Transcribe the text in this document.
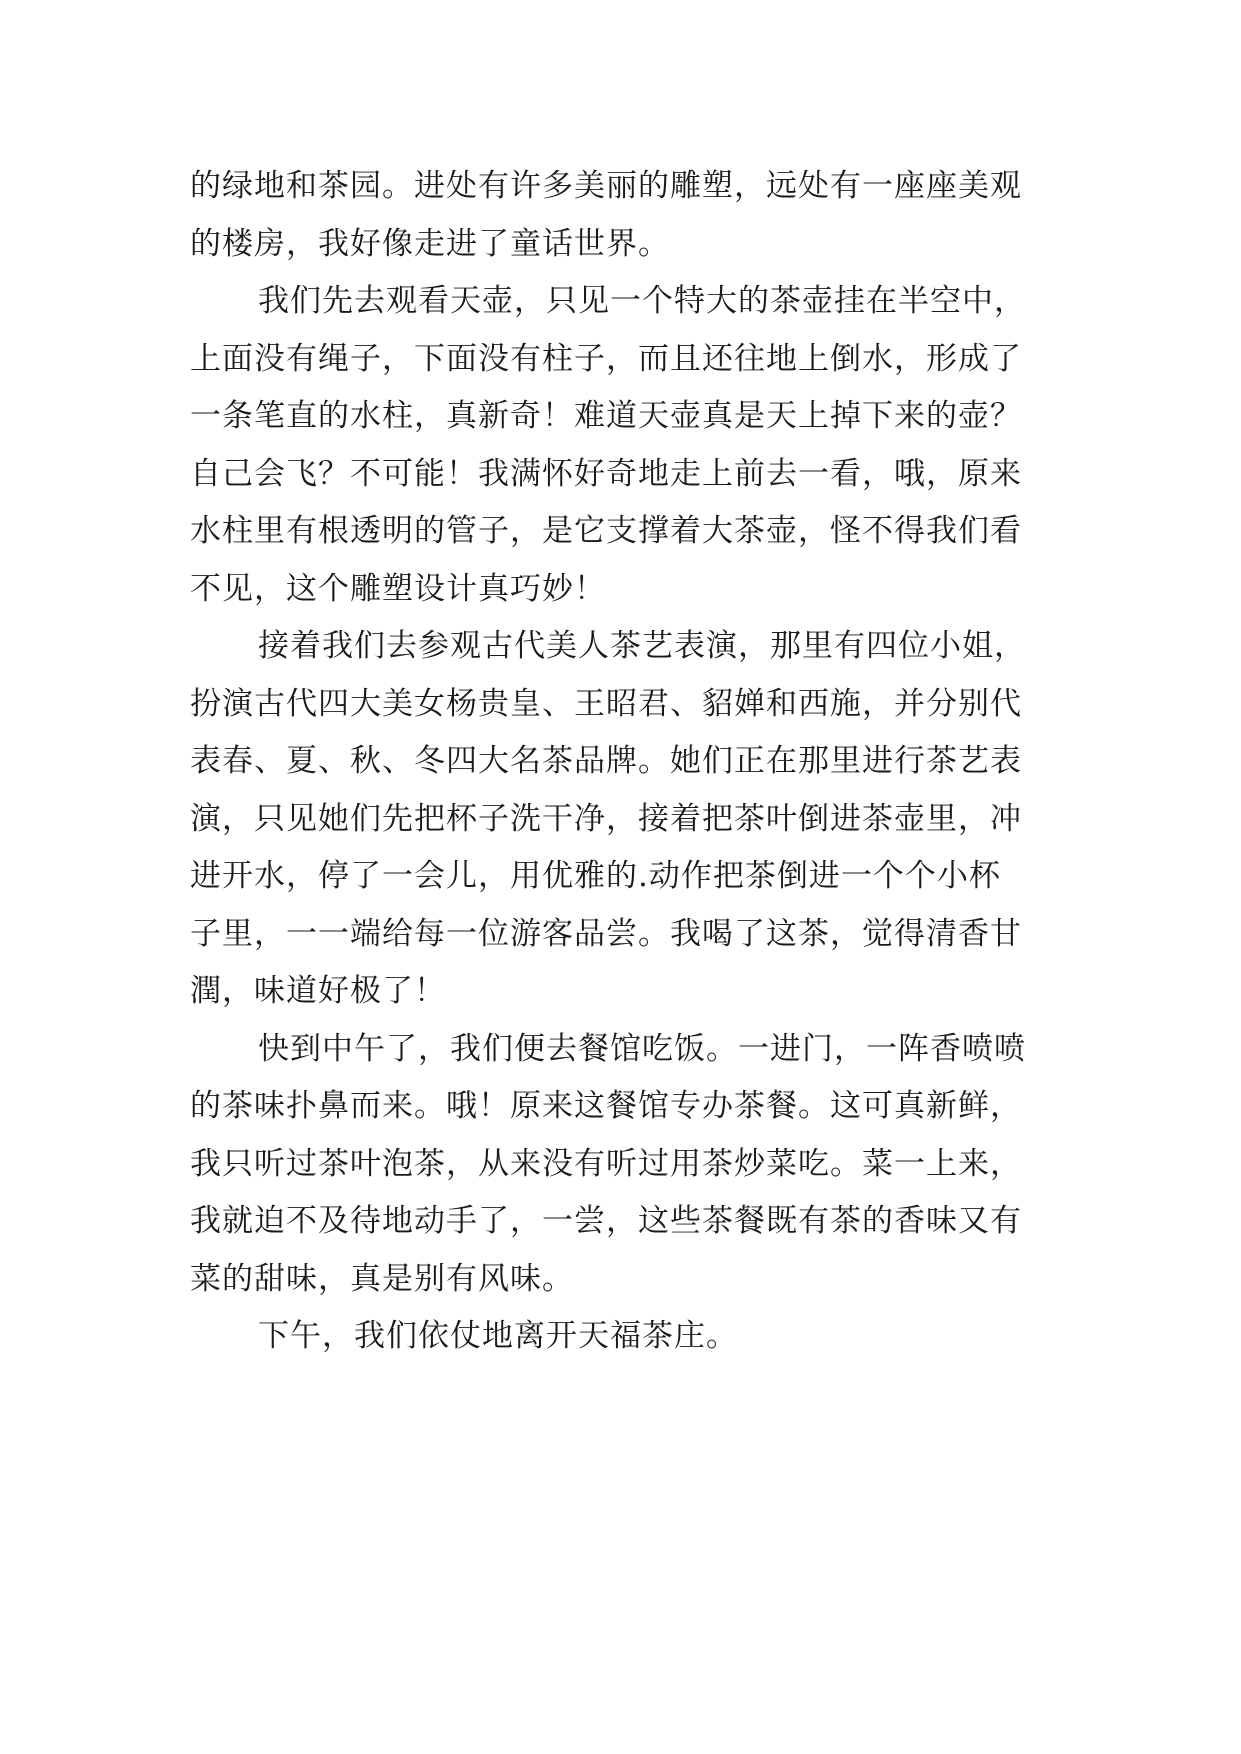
的绿地和茶园。进处有许多美丽的雕塑，远处有一座座美观
的楼房，我好像走进了童话世界。
我们先去观看天壶，只见一个特大的茶壶挂在半空中，
上面没有绳子，下面没有柱子，而且还往地上倒水，形成了
一条笔直的水柱，真新奇！难道天壶真是天上掉下来的壶？
自己会飞？不可能！我满怀好奇地走上前去一看，哦，原来
水柱里有根透明的管子，是它支撑着大茶壶，怪不得我们看
不见，这个雕塑设计真巧妙！
接着我们去参观古代美人茶艺表演，那里有四位小姐，
扮演古代四大美女杨贵皇、王昭君、貂婵和西施，并分别代
表春、夏、秋、冬四大名茶品牌。她们正在那里进行茶艺表
演，只见她们先把杯子洗干净，接着把茶叶倒进茶壶里，冲
进开水，停了一会儿，用优雅的.动作把茶倒进一个个小杯
子里，一一端给每一位游客品尝。我喝了这茶，觉得清香甘
潤，味道好极了！
快到中午了，我们便去餐馆吃饭。一进门，一阵香喷喷
的茶味扑鼻而来。哦！原来这餐馆专办茶餐。这可真新鲜，
我只听过茶叶泡茶，从来没有听过用茶炒菜吃。菜一上来，
我就迫不及待地动手了，一尝，这些茶餐既有茶的香味又有
菜的甜味，真是别有风味。
下午，我们依仗地离开天福茶庄。
